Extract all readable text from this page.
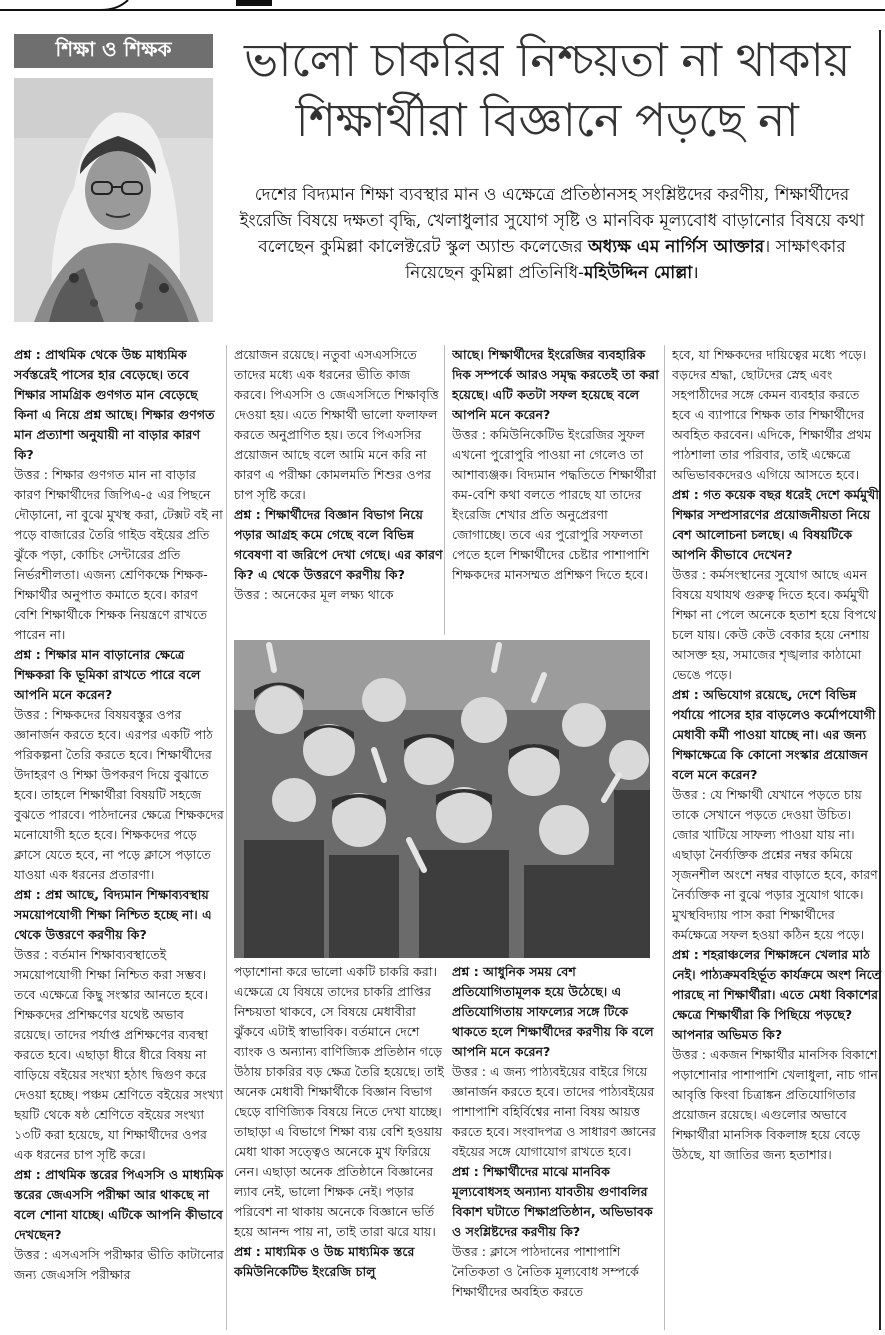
শিক্ষা ও শিক্ষক	ভালো চাকরির নিশ্চয়তা না থাকায়
শিক্ষার্থীরা বিজ্ঞানে পড়ছে না
দেশের বিদ্যমান শিক্ষা ব্যবস্থার মান ও এক্ষেত্রে প্রতিষ্ঠানসহ সংশ্লিষ্টদের করণীয়, শিক্ষার্থীদের ইংরেজি বিষয়ে দক্ষতা বৃদ্ধি, খেলাধুলার সুযোগ সৃষ্টি ও মানবিক মূল্যবোধ বাড়ানোর বিষয়ে কথা বলেছেন কুমিল্লা কালেক্টরেট স্কুল অ্যান্ড কলেজের অধ্যক্ষ এম নার্গিস আক্তার। সাক্ষাৎকার নিয়েছেন কুমিল্লা প্রতিনিধি-মহিউদ্দিন মোল্লা।

প্রশ্ন : প্রাথমিক থেকে উচ্চ মাধ্যমিক সর্বস্তরেই পাসের হার বেড়েছে। তবে শিক্ষার সামগ্রিক গুণগত মান বেড়েছে কিনা এ নিয়ে প্রশ্ন আছে। শিক্ষার গুণগত মান প্রত্যাশা অনুযায়ী না বাড়ার কারণ কি?

উত্তর : শিক্ষার গুণগত মান না বাড়ার কারণ শিক্ষার্থীদের জিপিএ-৫ এর পিছনে দৌড়ানো, না বুঝে মুখস্থ করা, টেক্সট বই না পড়ে বাজারের তৈরি গাইড বইয়ের প্রতি ঝুঁকে পড়া, কোচিং সেন্টারের প্রতি নির্ভরশীলতা। এজন্য শ্রেণিকক্ষে শিক্ষক-শিক্ষার্থীর অনুপাত কমাতে হবে। কারণ বেশি শিক্ষার্থীকে শিক্ষক নিয়ন্ত্রণে রাখতে পারেন না।

প্রশ্ন : শিক্ষার মান বাড়ানোর ক্ষেত্রে শিক্ষকরা কি ভূমিকা রাখতে পারে বলে আপনি মনে করেন?

উত্তর : শিক্ষকদের বিষয়বস্তুর ওপর জ্ঞানার্জন করতে হবে। এরপর একটি পাঠ পরিকল্পনা তৈরি করতে হবে। শিক্ষার্থীদের উদাহরণ ও শিক্ষা উপকরণ দিয়ে বুঝাতে হবে। তাহলে শিক্ষার্থীরা বিষয়টি সহজে বুঝতে পারবে। পাঠদানের ক্ষেত্রে শিক্ষকদের মনোযোগী হতে হবে। শিক্ষকদের পড়ে ক্লাসে যেতে হবে, না পড়ে ক্লাসে পড়াতে যাওয়া এক ধরনের প্রতারণা।

প্রশ্ন : প্রশ্ন আছে, বিদ্যমান শিক্ষাব্যবস্থায় সময়োপযোগী শিক্ষা নিশ্চিত হচ্ছে না। এ থেকে উত্তরণে করণীয় কি?

উত্তর : বর্তমান শিক্ষাব্যবস্থাতেই সময়োপযোগী শিক্ষা নিশ্চিত করা সম্ভব। তবে এক্ষেত্রে কিছু সংস্কার আনতে হবে। শিক্ষকদের প্রশিক্ষণের যথেষ্ট অভাব রয়েছে। তাদের পর্যাপ্ত প্রশিক্ষণের ব্যবস্থা করতে হবে। এছাড়া ধীরে ধীরে বিষয় না বাড়িয়ে বইয়ের সংখ্যা হঠাৎ দ্বিগুণ করে দেওয়া হচ্ছে। পঞ্চম শ্রেণিতে বইয়ের সংখ্যা ছয়টি থেকে ষষ্ঠ শ্রেণিতে বইয়ের সংখ্যা ১৩টি করা হয়েছে, যা শিক্ষার্থীদের ওপর এক ধরনের চাপ সৃষ্টি করে।

প্রশ্ন : প্রাথমিক স্তরের পিএসসি ও মাধ্যমিক স্তরের জেএসসি পরীক্ষা আর থাকছে না বলে শোনা যাচ্ছে। এটিকে আপনি কীভাবে দেখছেন?

উত্তর : এসএসসি পরীক্ষার ভীতি কাটানোর জন্য জেএসসি পরীক্ষার

প্রয়োজন রয়েছে। নতুবা এসএসসিতে তাদের মধ্যে এক ধরনের ভীতি কাজ করবে। পিএসসি ও জেএসসিতে শিক্ষাবৃত্তি দেওয়া হয়। এতে শিক্ষার্থী ভালো ফলাফল করতে অনুপ্রাণিত হয়। তবে পিএসসির প্রয়োজন আছে বলে আমি মনে করি না কারণ এ পরীক্ষা কোমলমতি শিশুর ওপর চাপ সৃষ্টি করে।

প্রশ্ন : শিক্ষার্থীদের বিজ্ঞান বিভাগ নিয়ে পড়ার আগ্রহ কমে গেছে বলে বিভিন্ন গবেষণা বা জরিপে দেখা গেছে। এর কারণ কি? এ থেকে উত্তরণে করণীয় কি?

উত্তর : অনেকের মূল লক্ষ্য থাকে

আছে। শিক্ষার্থীদের ইংরেজির ব্যবহারিক দিক সম্পর্কে আরও সমৃদ্ধ করতেই তা করা হয়েছে। এটি কতটা সফল হয়েছে বলে আপনি মনে করেন?

উত্তর : কমিউনিকেটিভ ইংরেজির সুফল এখনো পুরোপুরি পাওয়া না গেলেও তা আশাব্যঞ্জক। বিদ্যমান পদ্ধতিতে শিক্ষার্থীরা কম-বেশি কথা বলতে পারছে যা তাদের ইংরেজি শেখার প্রতি অনুপ্রেরণা জোগাচ্ছে। তবে এর পুরোপুরি সফলতা পেতে হলে শিক্ষার্থীদের চেষ্টার পাশাপাশি শিক্ষকদের মানসম্মত প্রশিক্ষণ দিতে হবে।

হবে, যা শিক্ষকদের দায়িত্বের মধ্যে পড়ে। বড়দের শ্রদ্ধা, ছোটদের স্নেহ এবং সহপাঠীদের সঙ্গে কেমন ব্যবহার করতে হবে এ ব্যাপারে শিক্ষক তার শিক্ষার্থীদের অবহিত করবেন। এদিকে, শিক্ষার্থীর প্রথম পাঠশালা তার পরিবার, তাই এক্ষেত্রে অভিভাবকদেরও এগিয়ে আসতে হবে।

প্রশ্ন : গত কয়েক বছর ধরেই দেশে কর্মমুখী শিক্ষার সম্প্রসারণের প্রয়োজনীয়তা নিয়ে বেশ আলোচনা চলছে। এ বিষয়টিকে আপনি কীভাবে দেখেন?

উত্তর : কর্মসংস্থানের সুযোগ আছে এমন বিষয়ে যথাযথ গুরুত্ব দিতে হবে। কর্মমুখী শিক্ষা না পেলে অনেকে হতাশ হয়ে বিপথে চলে যায়। কেউ কেউ বেকার হয়ে নেশায় আসক্ত হয়, সমাজের শৃঙ্খলার কাঠামো ভেঙে পড়ে।

প্রশ্ন : অভিযোগ রয়েছে, দেশে বিভিন্ন পর্যায়ে পাসের হার বাড়লেও কর্মোপযোগী মেধাবী কর্মী পাওয়া যাচ্ছে না। এর জন্য শিক্ষাক্ষেত্রে কি কোনো সংস্কার প্রয়োজন বলে মনে করেন?

উত্তর : যে শিক্ষার্থী যেখানে পড়তে চায় তাকে সেখানে পড়তে দেওয়া উচিত। জোর খাটিয়ে সাফল্য পাওয়া যায় না। এছাড়া নৈর্ব্যক্তিক প্রশ্নের নম্বর কমিয়ে সৃজনশীল অংশে নম্বর বাড়াতে হবে, কারণ নৈর্ব্যক্তিক না বুঝে পড়ার সুযোগ থাকে। মুখস্থবিদ্যায় পাস করা শিক্ষার্থীদের কর্মক্ষেত্রে সফল হওয়া কঠিন হয়ে পড়ে।

প্রশ্ন : শহরাঞ্চলের শিক্ষাঙ্গনে খেলার মাঠ নেই। পাঠ্যক্রমবহির্ভূত কার্যক্রমে অংশ নিতে পারছে না শিক্ষার্থীরা। এতে মেধা বিকাশের ক্ষেত্রে শিক্ষার্থীরা কি পিছিয়ে পড়ছে? আপনার অভিমত কি?

উত্তর : একজন শিক্ষার্থীর মানসিক বিকাশে পড়াশোনার পাশাপাশি খেলাধুলা, নাচ গান আবৃত্তি কিংবা চিত্রাঙ্কন প্রতিযোগিতার প্রয়োজন রয়েছে। এগুলোর অভাবে শিক্ষার্থীরা মানসিক বিকলাঙ্গ হয়ে বেড়ে উঠছে, যা জাতির জন্য হতাশার।

পড়াশোনা করে ভালো একটি চাকরি করা। এক্ষেত্রে যে বিষয়ে তাদের চাকরি প্রাপ্তির নিশ্চয়তা থাকবে, সে বিষয়ে মেধাবীরা ঝুঁকবে এটাই স্বাভাবিক। বর্তমানে দেশে ব্যাংক ও অন্যান্য বাণিজ্যিক প্রতিষ্ঠান গড়ে উঠায় চাকরির বড় ক্ষেত্র তৈরি হয়েছে। তাই অনেক মেধাবী শিক্ষার্থীকে বিজ্ঞান বিভাগ ছেড়ে বাণিজ্যিক বিষয়ে নিতে দেখা যাচ্ছে। তাছাড়া এ বিভাগে শিক্ষা ব্যয় বেশি হওয়ায় মেধা থাকা সত্ত্বেও অনেকে মুখ ফিরিয়ে নেন। এছাড়া অনেক প্রতিষ্ঠানে বিজ্ঞানের ল্যাব নেই, ভালো শিক্ষক নেই। পড়ার পরিবেশ না থাকায় অনেকে বিজ্ঞানে ভর্তি হয়ে আনন্দ পায় না, তাই তারা ঝরে যায়।

প্রশ্ন : মাধ্যমিক ও উচ্চ মাধ্যমিক স্তরে কমিউনিকেটিভ ইংরেজি চালু

প্রশ্ন : আধুনিক সময় বেশ প্রতিযোগিতামূলক হয়ে উঠেছে। এ প্রতিযোগিতায় সাফল্যের সঙ্গে টিকে থাকতে হলে শিক্ষার্থীদের করণীয় কি বলে আপনি মনে করেন?

উত্তর : এ জন্য পাঠ্যবইয়ের বাইরে গিয়ে জ্ঞানার্জন করতে হবে। তাদের পাঠ্যবইয়ের পাশাপাশি বহির্বিশ্বের নানা বিষয় আয়ত্ত করতে হবে। সংবাদপত্র ও সাধারণ জ্ঞানের বইয়ের সঙ্গে যোগাযোগ রাখতে হবে।

প্রশ্ন : শিক্ষার্থীদের মাঝে মানবিক মূল্যবোধসহ অন্যান্য যাবতীয় গুণাবলির বিকাশ ঘটাতে শিক্ষাপ্রতিষ্ঠান, অভিভাবক ও সংশ্লিষ্টদের করণীয় কি?

উত্তর : ক্লাসে পাঠদানের পাশাপাশি নৈতিকতা ও নৈতিক মূল্যবোধ সম্পর্কে শিক্ষার্থীদের অবহিত করতে
